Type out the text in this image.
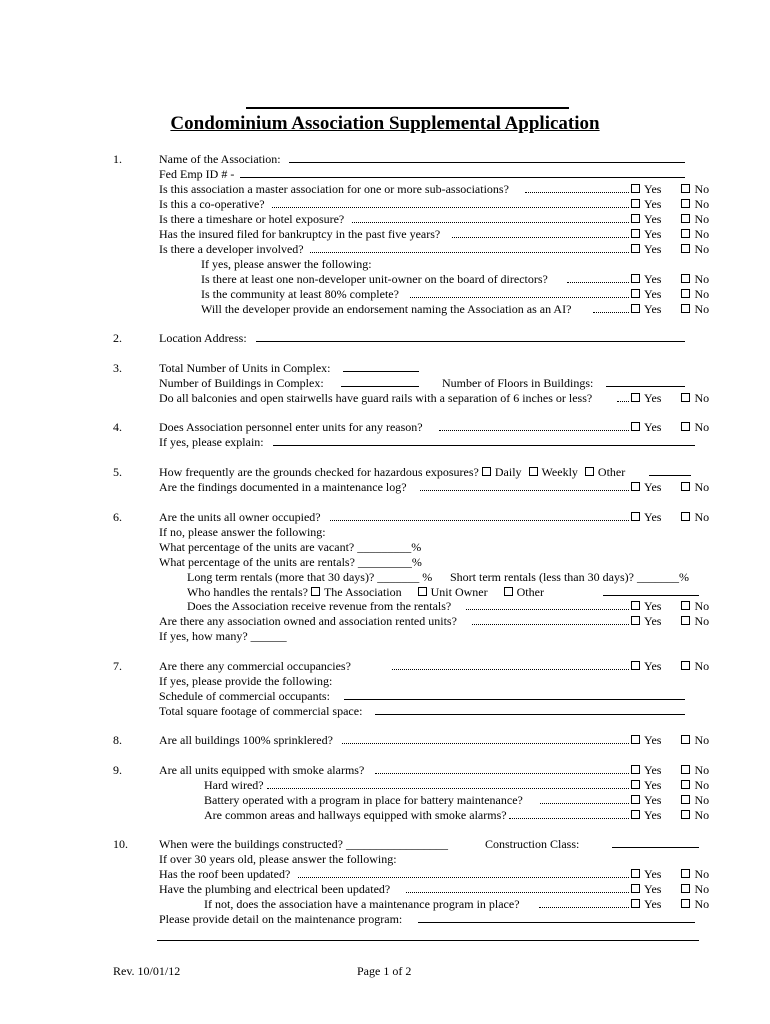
Condominium Association Supplemental Application
1.	Name of the Association:
Fed Emp ID # -
Is this association a master association for one or more sub-associations?	Yes	No
Is this a co-operative?	Yes	No
Is there a timeshare or hotel exposure?	Yes	No
Has the insured filed for bankruptcy in the past five years?	Yes	No
Is there a developer involved?	Yes	No
If yes, please answer the following:
Is there at least one non-developer unit-owner on the board of directors?	Yes	No
Is the community at least 80% complete?	Yes	No
Will the developer provide an endorsement naming the Association as an AI?	Yes	No
2.	Location Address:
3.	Total Number of Units in Complex:
Number of Buildings in Complex:	Number of Floors in Buildings:
Do all balconies and open stairwells have guard rails with a separation of 6 inches or less?	Yes	No
4.	Does Association personnel enter units for any reason?	Yes	No
If yes, please explain:
5.	How frequently are the grounds checked for hazardous exposures? Daily Weekly Other
Are the findings documented in a maintenance log?	Yes	No
6.	Are the units all owner occupied?	Yes	No
If no, please answer the following:
What percentage of the units are vacant? _________%
What percentage of the units are rentals? _________%
Long term rentals (more that 30 days)? _______ % Short term rentals (less than 30 days)? _______%
Who handles the rentals? The Association Unit Owner Other
Does the Association receive revenue from the rentals?	Yes	No
Are there any association owned and association rented units?	Yes	No
If yes, how many? ______
7.	Are there any commercial occupancies?	Yes	No
If yes, please provide the following:
Schedule of commercial occupants:
Total square footage of commercial space:
8.	Are all buildings 100% sprinklered?	Yes	No
9.	Are all units equipped with smoke alarms?	Yes	No
Hard wired?	Yes	No
Battery operated with a program in place for battery maintenance?	Yes	No
Are common areas and hallways equipped with smoke alarms?	Yes	No
10.	When were the buildings constructed? _________________	Construction Class:
If over 30 years old, please answer the following:
Has the roof been updated?	Yes	No
Have the plumbing and electrical been updated?	Yes	No
If not, does the association have a maintenance program in place?	Yes	No
Please provide detail on the maintenance program:
Rev. 10/01/12	Page 1 of 2
